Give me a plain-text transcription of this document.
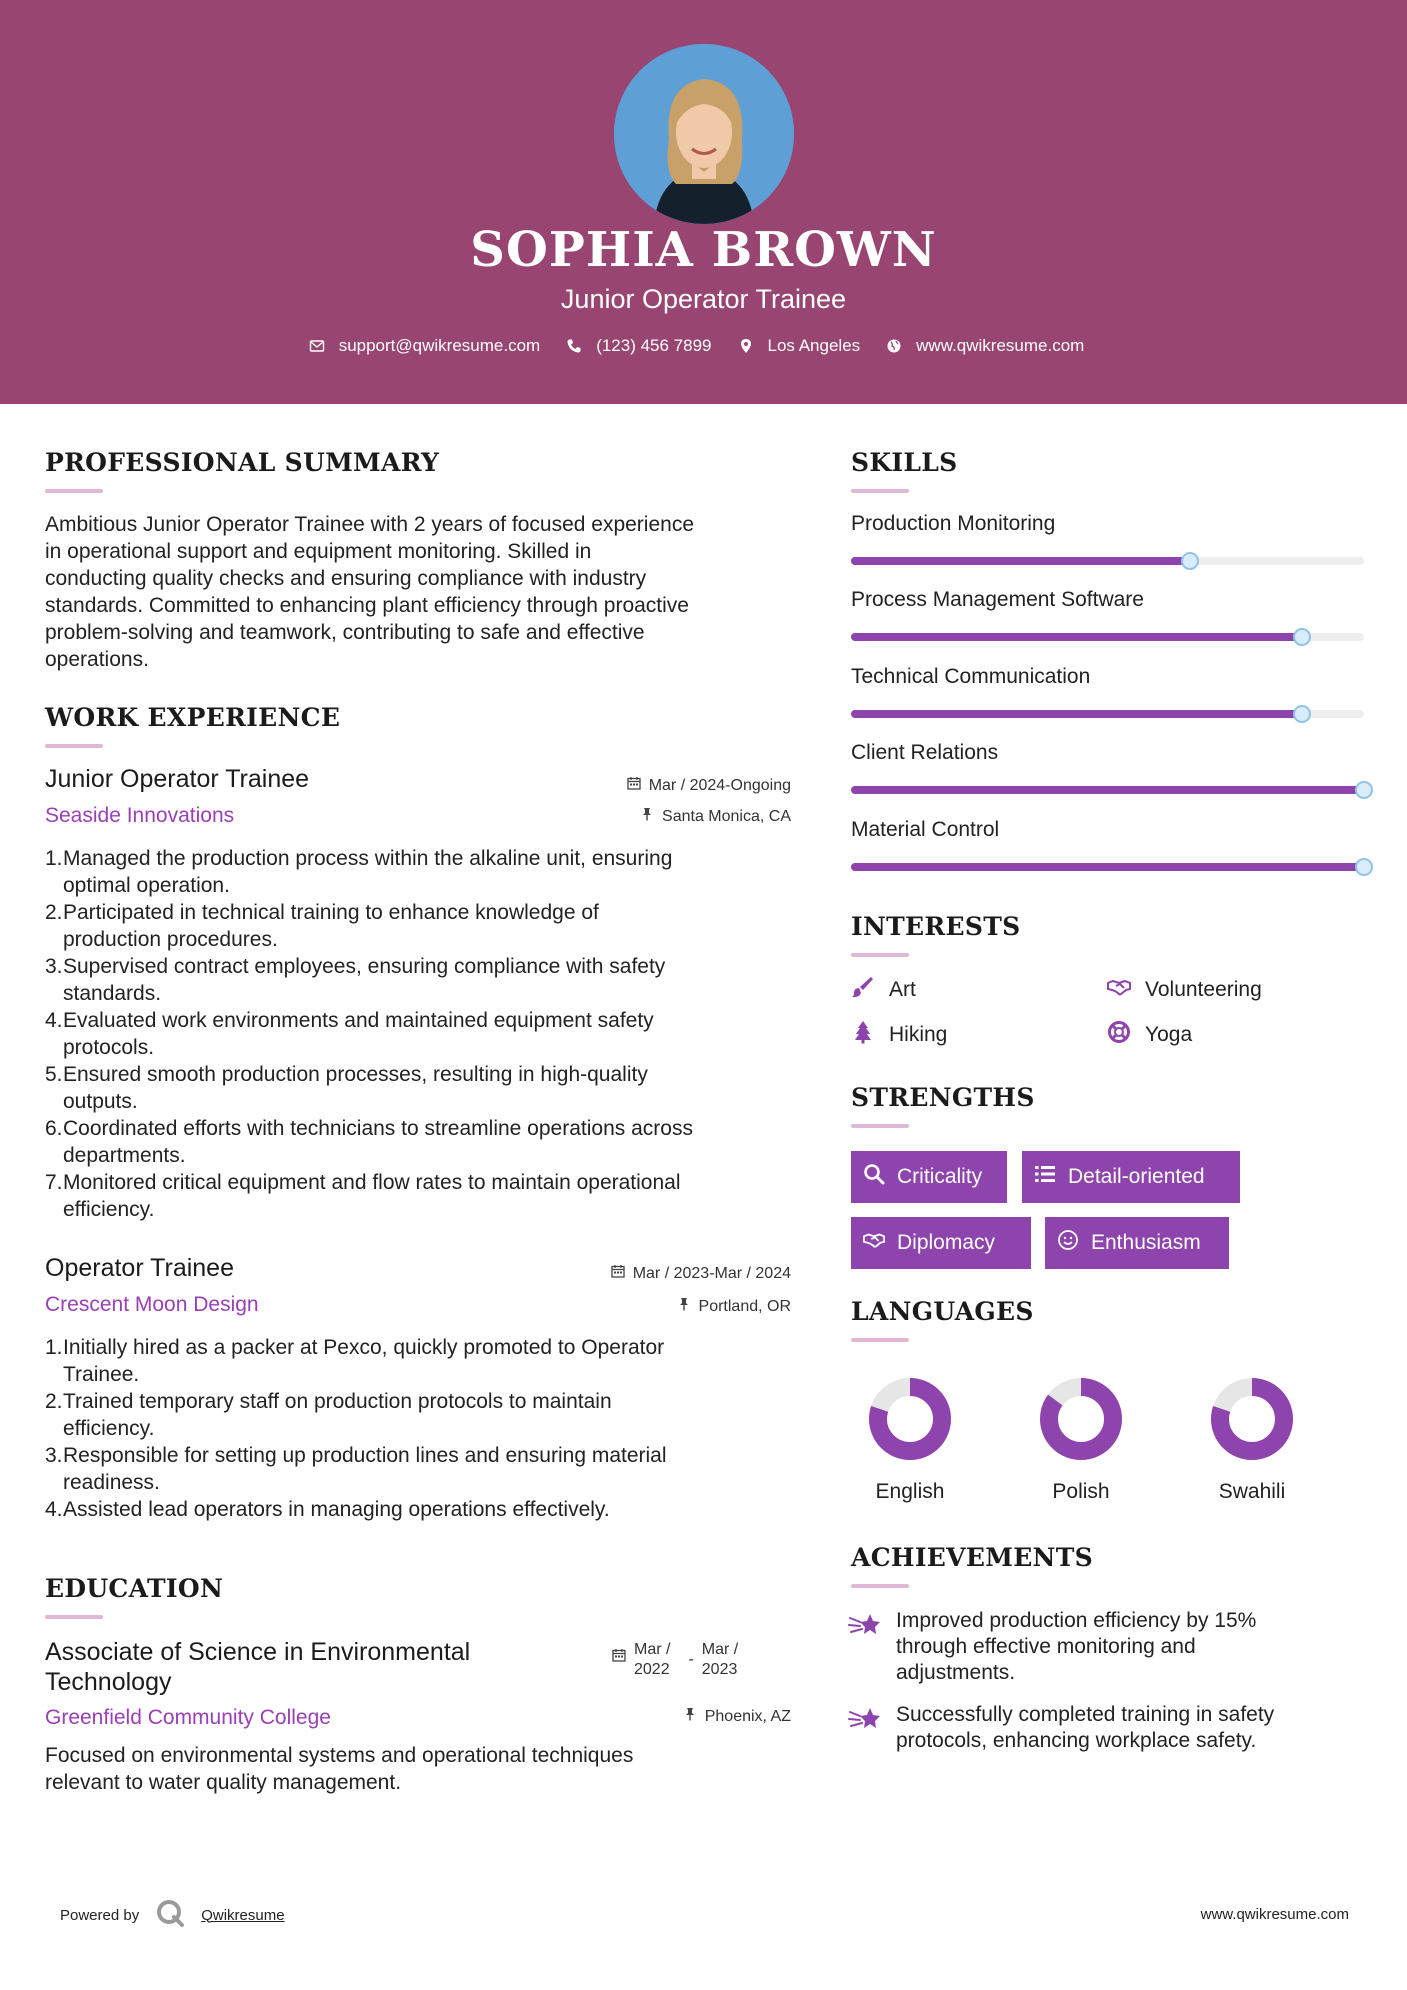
SOPHIA BROWN
Junior Operator Trainee
support@qwikresume.com	(123) 456 7899	Los Angeles	www.qwikresume.com
PROFESSIONAL SUMMARY
Ambitious Junior Operator Trainee with 2 years of focused experience
in operational support and equipment monitoring. Skilled in
conducting quality checks and ensuring compliance with industry
standards. Committed to enhancing plant efficiency through proactive
problem-solving and teamwork, contributing to safe and effective
operations.
WORK EXPERIENCE
Junior Operator Trainee	Mar / 2024-Ongoing
Seaside Innovations	Santa Monica, CA
1. Managed the production process within the alkaline unit, ensuring
optimal operation.
2. Participated in technical training to enhance knowledge of
production procedures.
3. Supervised contract employees, ensuring compliance with safety
standards.
4. Evaluated work environments and maintained equipment safety
protocols.
5. Ensured smooth production processes, resulting in high-quality
outputs.
6. Coordinated efforts with technicians to streamline operations across
departments.
7. Monitored critical equipment and flow rates to maintain operational
efficiency.
Operator Trainee	Mar / 2023-Mar / 2024
Crescent Moon Design	Portland, OR
1. Initially hired as a packer at Pexco, quickly promoted to Operator
Trainee.
2. Trained temporary staff on production protocols to maintain
efficiency.
3. Responsible for setting up production lines and ensuring material
readiness.
4. Assisted lead operators in managing operations effectively.
EDUCATION
Associate of Science in Environmental
Technology
Mar /
2022
-
Mar /
2023
Greenfield Community College	Phoenix, AZ
Focused on environmental systems and operational techniques
relevant to water quality management.
SKILLS
Production Monitoring
Process Management Software
Technical Communication
Client Relations
Material Control
INTERESTS
Art	Volunteering
Hiking	Yoga
STRENGTHS
Criticality	Detail-oriented
Diplomacy	Enthusiasm
LANGUAGES
English	Polish	Swahili
ACHIEVEMENTS
Improved production efficiency by 15%
through effective monitoring and
adjustments.
Successfully completed training in safety
protocols, enhancing workplace safety.
Powered by	Qwikresume	www.qwikresume.com
